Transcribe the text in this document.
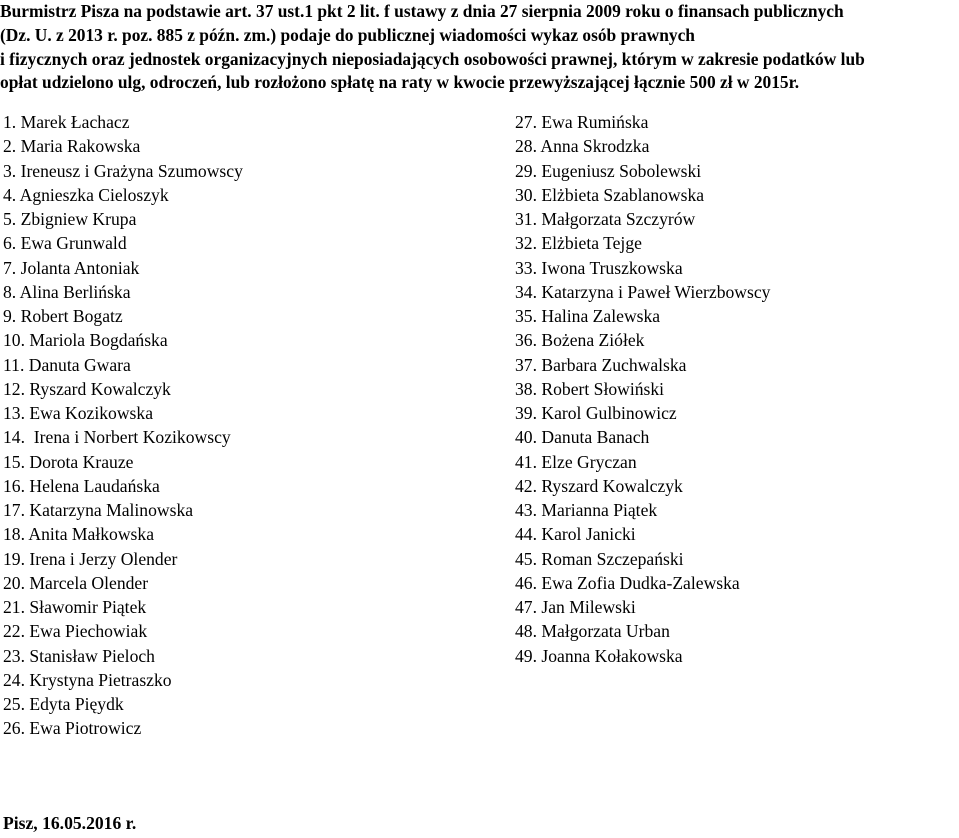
Burmistrz Pisza na podstawie art. 37 ust.1 pkt 2 lit. f ustawy z dnia 27 sierpnia 2009 roku o finansach publicznych
(Dz. U. z 2013 r. poz. 885 z późn. zm.) podaje do publicznej wiadomości wykaz osób prawnych
i fizycznych oraz jednostek organizacyjnych nieposiadających osobowości prawnej, którym w zakresie podatków lub

opłat udzielono ulg, odroczeń, lub rozłożono spłatę na raty w kwocie przewyższającej łącznie 500 zł w 2015r.

1. Marek Łachacz
2. Maria Rakowska
3. Ireneusz i Grażyna Szumowscy
4. Agnieszka Cieloszyk
5. Zbigniew Krupa
6. Ewa Grunwald
7. Jolanta Antoniak
8. Alina Berlińska
9. Robert Bogatz
10. Mariola Bogdańska
11. Danuta Gwara
12. Ryszard Kowalczyk
13. Ewa Kozikowska
14.  Irena i Norbert Kozikowscy
15. Dorota Krauze
16. Helena Laudańska
17. Katarzyna Malinowska
18. Anita Małkowska
19. Irena i Jerzy Olender
20. Marcela Olender
21. Sławomir Piątek
22. Ewa Piechowiak
23. Stanisław Pieloch
24. Krystyna Pietraszko
25. Edyta Pięydk
26. Ewa Piotrowicz
27. Ewa Rumińska
28. Anna Skrodzka
29. Eugeniusz Sobolewski
30. Elżbieta Szablanowska
31. Małgorzata Szczyrów
32. Elżbieta Tejge
33. Iwona Truszkowska
34. Katarzyna i Paweł Wierzbowscy
35. Halina Zalewska
36. Bożena Ziółek
37. Barbara Zuchwalska
38. Robert Słowiński
39. Karol Gulbinowicz
40. Danuta Banach
41. Elze Gryczan
42. Ryszard Kowalczyk
43. Marianna Piątek
44. Karol Janicki
45. Roman Szczepański
46. Ewa Zofia Dudka-Zalewska
47. Jan Milewski
48. Małgorzata Urban
49. Joanna Kołakowska

Pisz, 16.05.2016 r.
